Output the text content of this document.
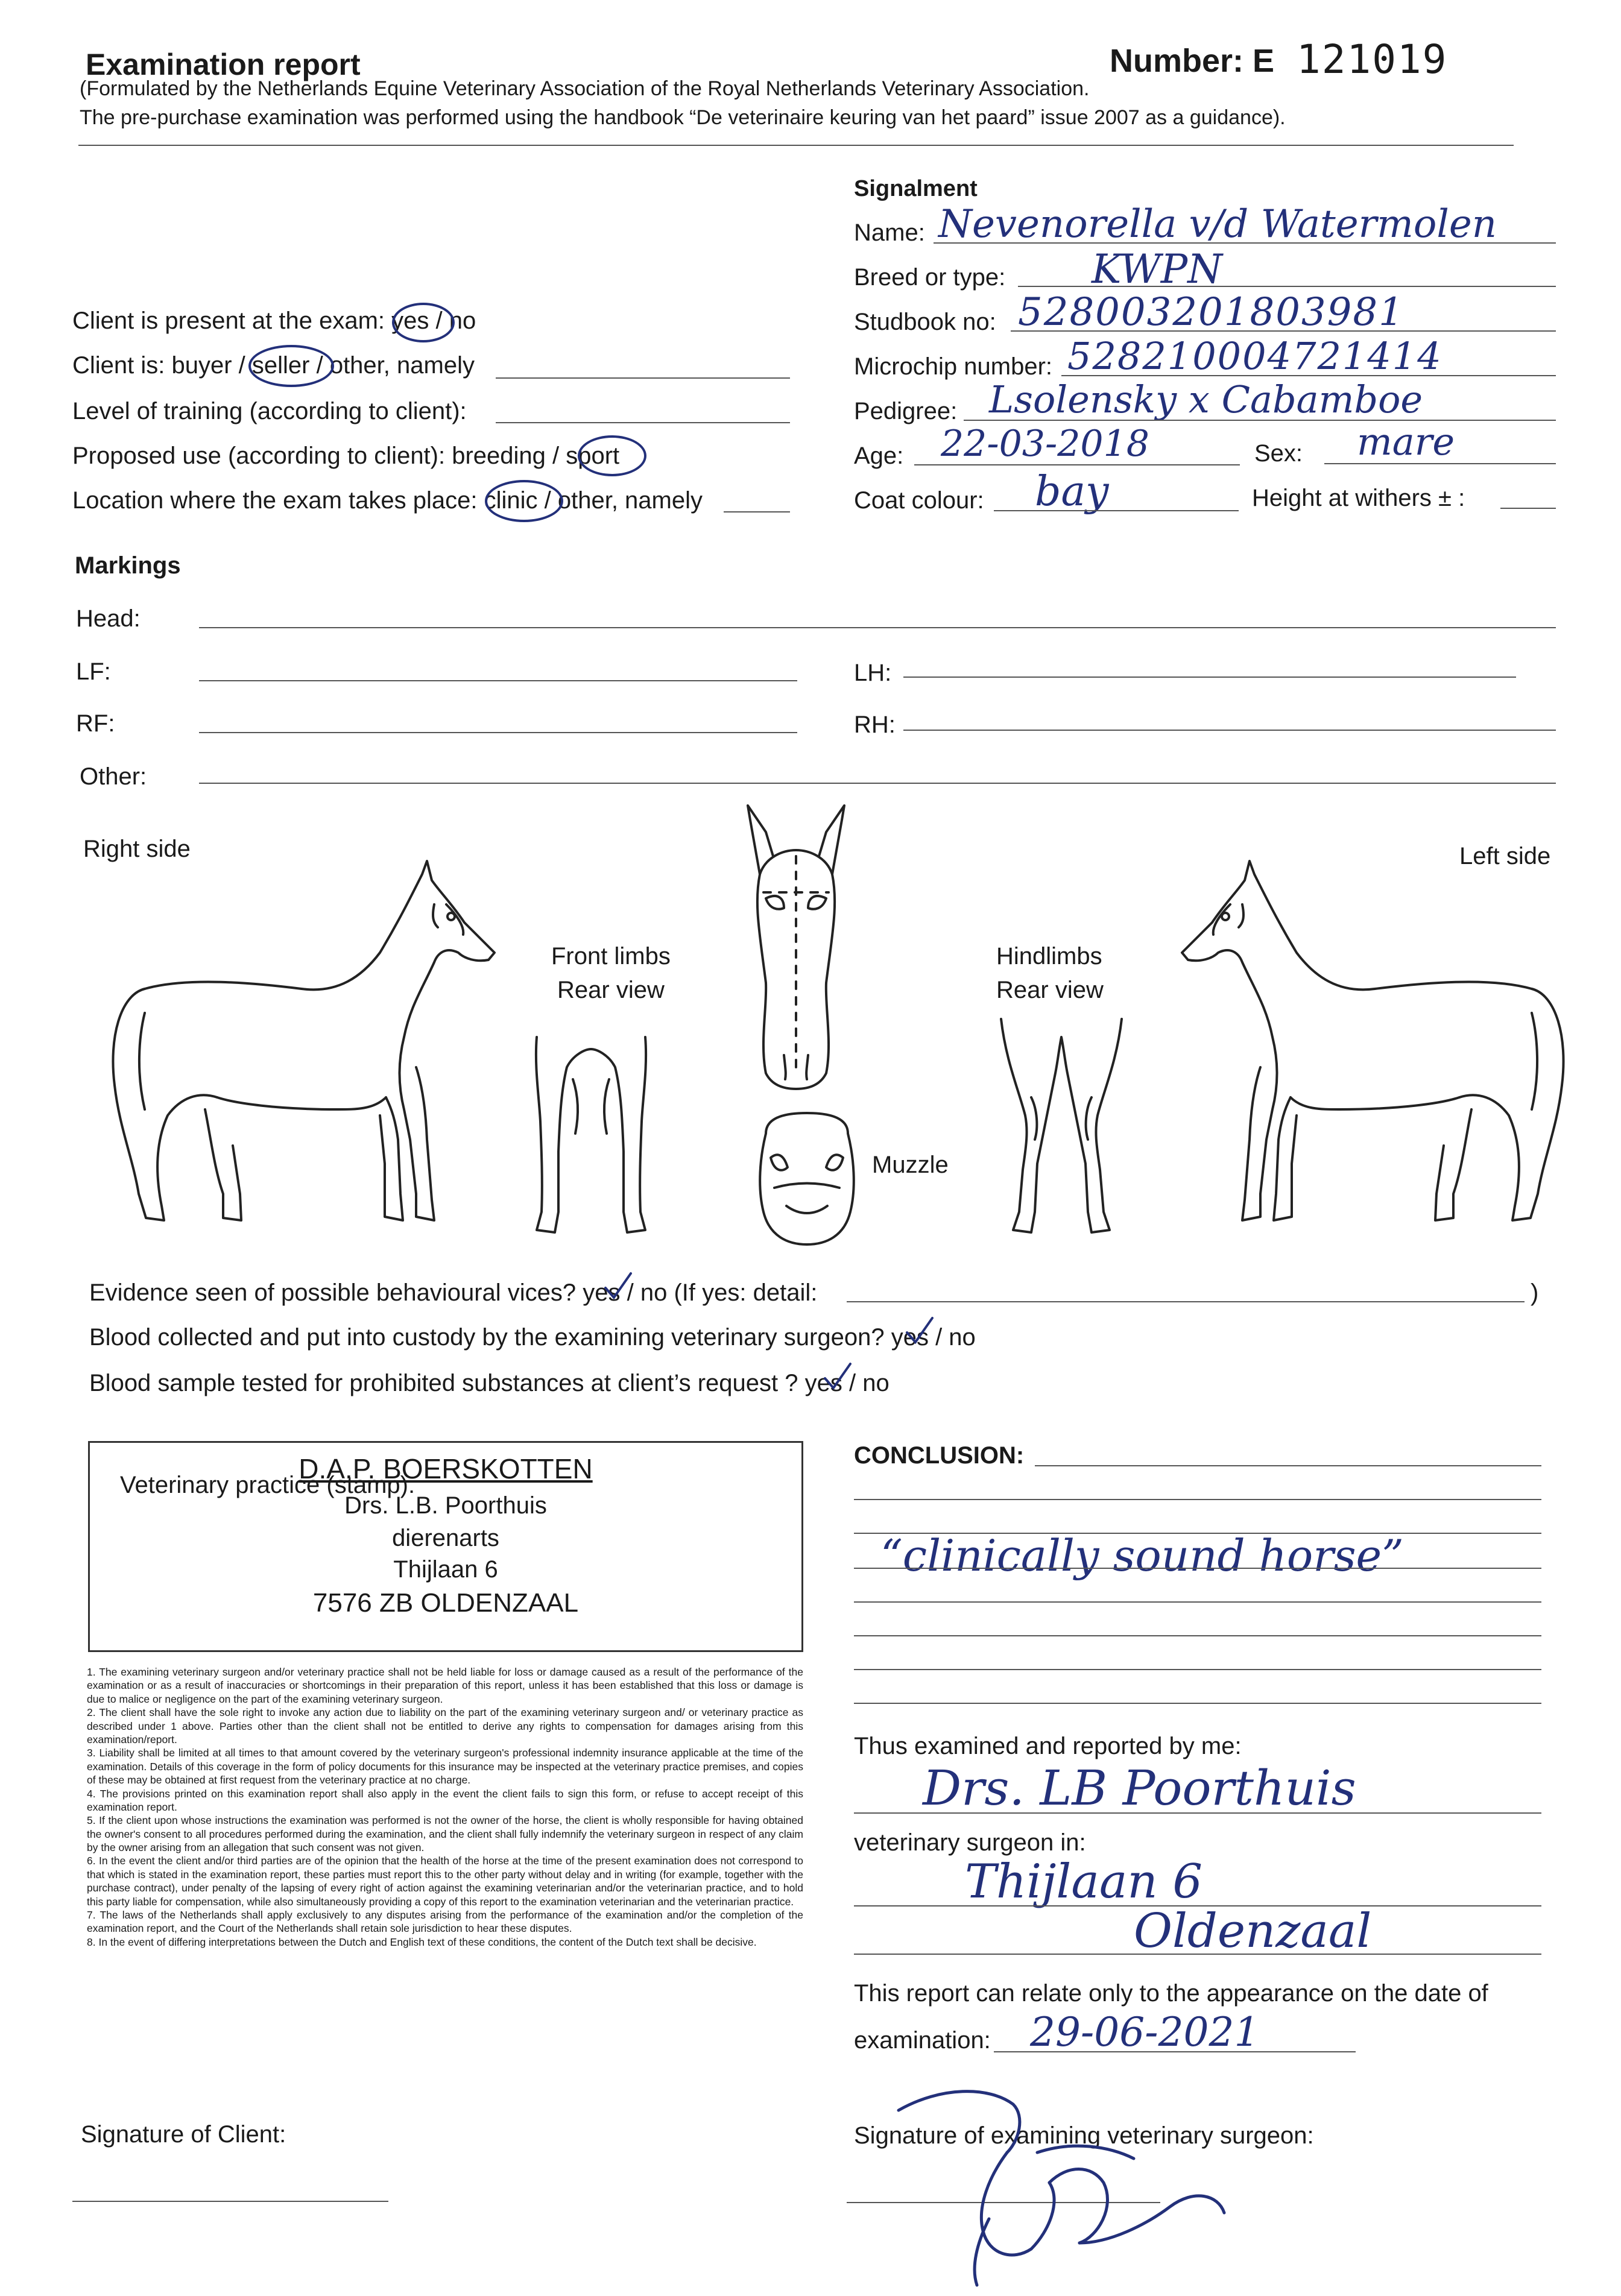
Examination report	Number: E 121019
(Formulated by the Netherlands Equine Veterinary Association of the Royal Netherlands Veterinary Association.
The pre-purchase examination was performed using the handbook “De veterinaire keuring van het paard” issue 2007 as a guidance).
Client is present at the exam: yes / no
Client is: buyer / seller / other, namely
Level of training (according to client):
Proposed use (according to client): breeding / sport
Location where the exam takes place: clinic / other, namely
Signalment
Name: Nevenorella v/d Watermolen
Breed or type: KWPN
Studbook no: 528003201803981
Microchip number: 528210004721414
Pedigree: Lsolensky x Cabamboe
Age: 22-03-2018	Sex: mare
Coat colour: bay	Height at withers ± :
Markings
Head:
LF:	LH:
RF:	RH:
Other:
Right side	Left side
Front limbs
Rear view
Hindlimbs
Rear view
Muzzle
Evidence seen of possible behavioural vices? yes / no (If yes: detail:	)
Blood collected and put into custody by the examining veterinary surgeon? yes / no
Blood sample tested for prohibited substances at client’s request ? yes / no
Veterinary practice (stamp):
D.A.P. BOERSKOTTEN
Drs. L.B. Poorthuis
dierenarts
Thijlaan 6
7576 ZB OLDENZAAL

1. The examining veterinary surgeon and/or veterinary practice shall not be held liable for loss or damage caused as a result of the performance of the examination or as a result of inaccuracies or shortcomings in their preparation of this report, unless it has been established that this loss or damage is due to malice or negligence on the part of the examining veterinary surgeon.

2. The client shall have the sole right to invoke any action due to liability on the part of the examining veterinary surgeon and/ or veterinary practice as described under 1 above. Parties other than the client shall not be entitled to derive any rights to compensation for damages arising from this examination/report.

3. Liability shall be limited at all times to that amount covered by the veterinary surgeon's professional indemnity insurance applicable at the time of the examination. Details of this coverage in the form of policy documents for this insurance may be inspected at the veterinary practice premises, and copies of these may be obtained at first request from the veterinary practice at no charge.

4. The provisions printed on this examination report shall also apply in the event the client fails to sign this form, or refuse to accept receipt of this examination report.

5. If the client upon whose instructions the examination was performed is not the owner of the horse, the client is wholly responsible for having obtained the owner's consent to all procedures performed during the examination, and the client shall fully indemnify the veterinary surgeon in respect of any claim by the owner arising from an allegation that such consent was not given.

6. In the event the client and/or third parties are of the opinion that the health of the horse at the time of the present examination does not correspond to that which is stated in the examination report, these parties must report this to the other party without delay and in writing (for example, together with the purchase contract), under penalty of the lapsing of every right of action against the examining veterinarian and/or the veterinarian practice, and to hold this party liable for compensation, while also simultaneously providing a copy of this report to the examination veterinarian and the veterinarian practice.

7. The laws of the Netherlands shall apply exclusively to any disputes arising from the performance of the examination and/or the completion of the examination report, and the Court of the Netherlands shall retain sole jurisdiction to hear these disputes.

8. In the event of differing interpretations between the Dutch and English text of these conditions, the content of the Dutch text shall be decisive.

CONCLUSION:
“clinically sound horse”
Thus examined and reported by me:
Drs. LB Poorthuis
veterinary surgeon in:
Thijlaan 6
Oldenzaal
This report can relate only to the appearance on the date of
examination: 29-06-2021
Signature of Client:	Signature of examining veterinary surgeon:
